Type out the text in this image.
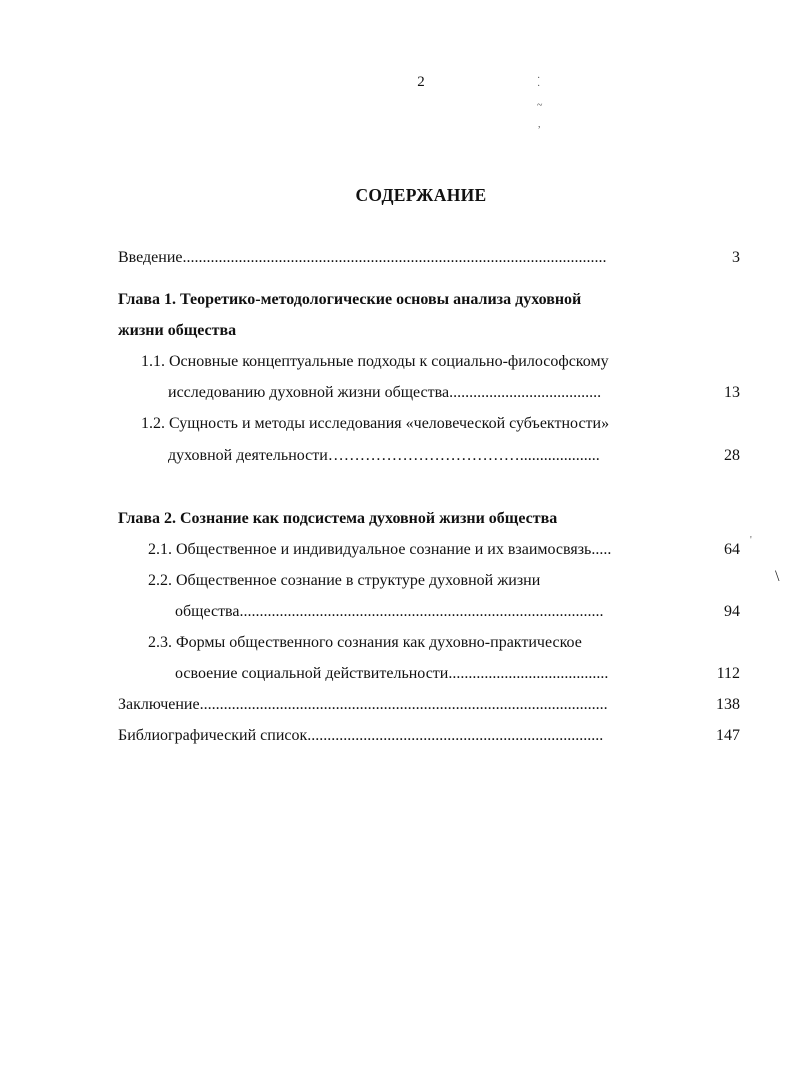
2	·
·
~
,
СОДЕРЖАНИЕ
Введение..........................................................................................................	3
Глава 1. Теоретико-методологические основы анализа духовной
жизни общества
1.1. Основные концептуальные подходы к социально-философскому
исследованию духовной жизни общества......................................	13
1.2. Сущность и методы исследования «человеческой субъектности»
духовной деятельности………………………………....................	28
Глава 2. Сознание как подсистема духовной жизни общества
2.1. Общественное и индивидуальное сознание и их взаимосвязь.....	64
2.2. Общественное сознание в структуре духовной жизни
общества...........................................................................................	94
2.3. Формы общественного сознания как духовно-практическое
освоение социальной действительности........................................	112
Заключение......................................................................................................	138
Библиографический список..........................................................................	147
\
'
